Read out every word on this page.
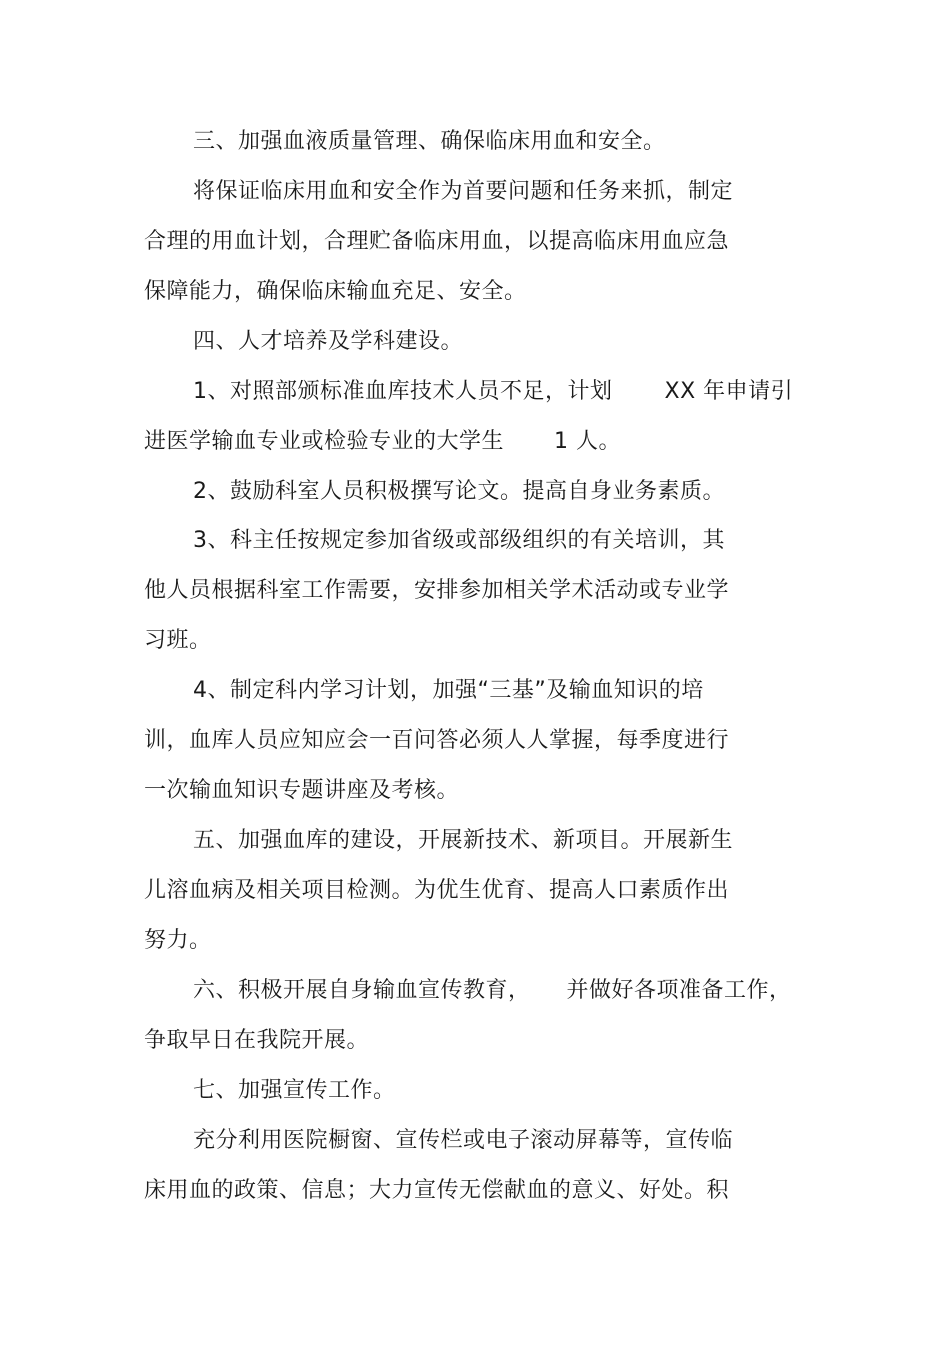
三、加强血液质量管理、确保临床用血和安全。
将保证临床用血和安全作为首要问题和任务来抓，制定
合理的用血计划，合理贮备临床用血，以提高临床用血应急
保障能力，确保临床输血充足、安全。
四、人才培养及学科建设。
1、对照部颁标准血库技术人员不足，计划 XX 年申请引
进医学输血专业或检验专业的大学生 1 人。
2、鼓励科室人员积极撰写论文。提高自身业务素质。
3、科主任按规定参加省级或部级组织的有关培训，其
他人员根据科室工作需要，安排参加相关学术活动或专业学
习班。
4、制定科内学习计划，加强“三基”及输血知识的培
训，血库人员应知应会一百问答必须人人掌握，每季度进行
一次输血知识专题讲座及考核。
五、加强血库的建设，开展新技术、新项目。开展新生
儿溶血病及相关项目检测。为优生优育、提高人口素质作出
努力。
六、积极开展自身输血宣传教育， 并做好各项准备工作，
争取早日在我院开展。
七、加强宣传工作。
充分利用医院橱窗、宣传栏或电子滚动屏幕等，宣传临
床用血的政策、信息；大力宣传无偿献血的意义、好处。积
